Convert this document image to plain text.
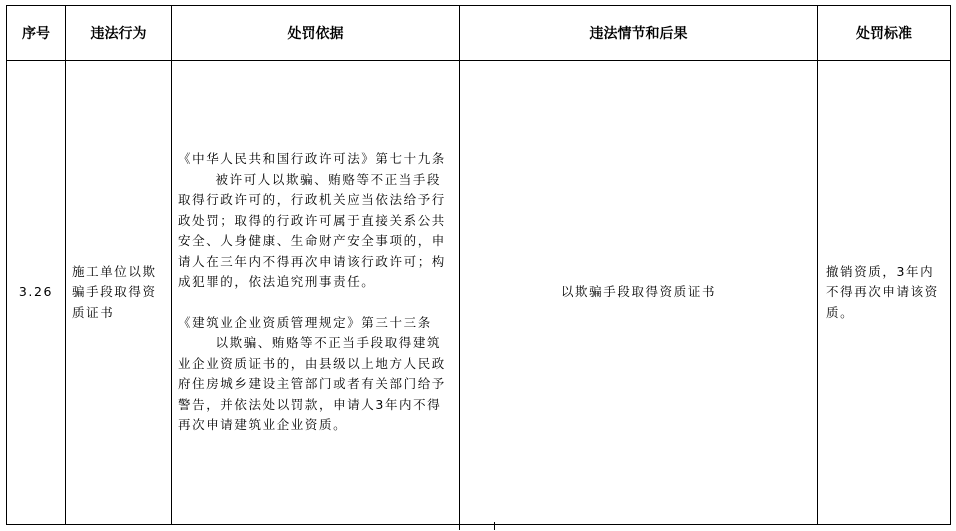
序号	违法行为	处罚依据	违法情节和后果	处罚标准
3.26	施工单位以欺骗手段取得资质证书	《中华人民共和国行政许可法》第七十九条

被许可人以欺骗、贿赂等不正当手段取得行政许可的，行政机关应当依法给予行政处罚；取得的行政许可属于直接关系公共安全、人身健康、生命财产安全事项的，申请人在三年内不得再次申请该行政许可；构成犯罪的，依法追究刑事责任。

《建筑业企业资质管理规定》第三十三条

以欺骗、贿赂等不正当手段取得建筑业企业资质证书的，由县级以上地方人民政府住房城乡建设主管部门或者有关部门给予警告，并依法处以罚款，申请人3年内不得再次申请建筑业企业资质。	以欺骗手段取得资质证书	撤销资质，3年内不得再次申请该资质。
